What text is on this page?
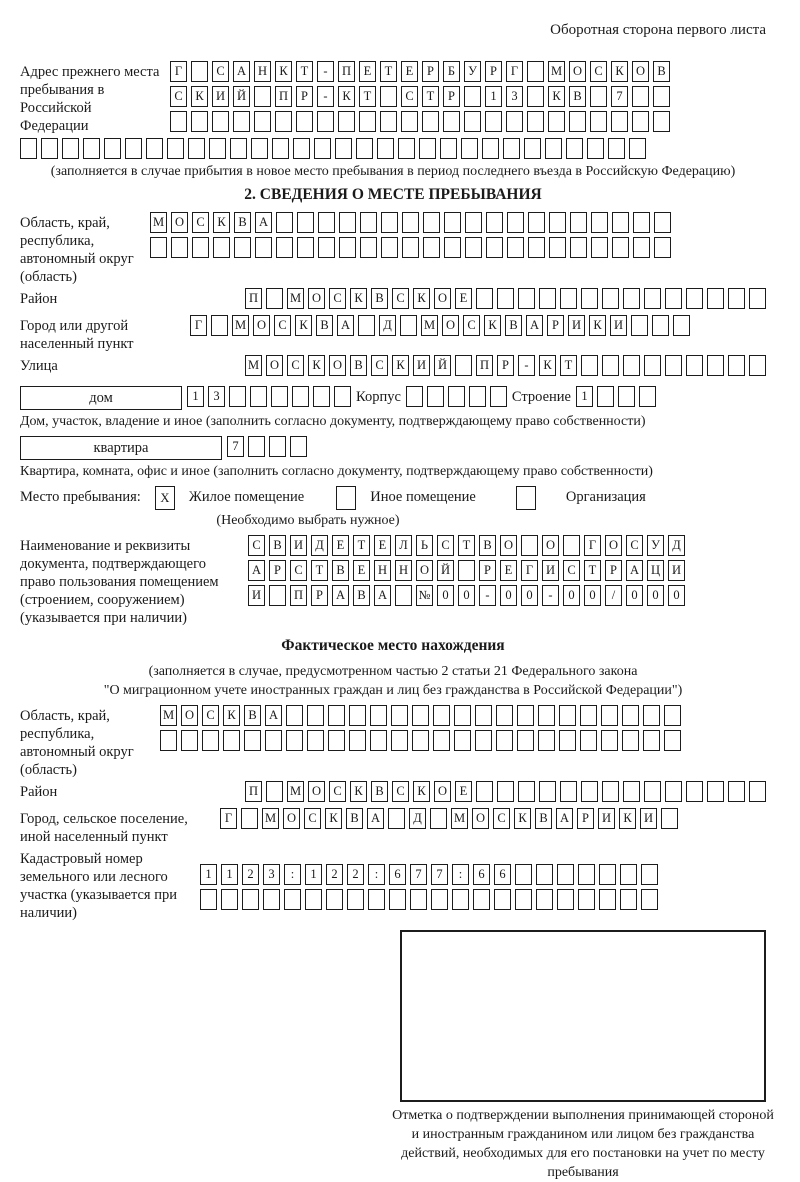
Оборотная сторона первого листа
Адрес прежнего места пребывания в Российской Федерации
Г	С А Н К	Т	-	П	Е	Т	Е	Р	Б	У	Р	Г	М О С	К О В
С	К И Й	П	Р	-	К	Т	С	Т	Р	1	3	К	В	7
(заполняется в случае прибытия в новое место пребывания в период последнего въезда в Российскую Федерацию)
2. СВЕДЕНИЯ О МЕСТЕ ПРЕБЫВАНИЯ
Область, край, республика, автономный округ (область)
М О С	К	В А
Район	П	М О С	К	В	С	К О	Е
Город или другой населенный пункт
Г	М О С	К	В А	Д	М О С	К	В А	Р	И К И
Улица	М О С	К О В	С	К И Й	П	Р	-	К	Т
дом	1	3	Корпус	Строение 1
Дом, участок, владение и иное (заполнить согласно документу, подтверждающему право собственности)
квартира	7
Квартира, комната, офис и иное (заполнить согласно документу, подтверждающему право собственности)
Место пребывания:	X	Жилое помещение	Иное помещение	Организация
(Необходимо выбрать нужное)
Наименование и реквизиты документа, подтверждающего право пользования помещением (строением, сооружением) (указывается при наличии)
С	В И Д	Е	Т	Е	Л	Ь	С	Т	В О	О	Г	О С У Д
А	Р	С	Т	В	Е	Н Н О Й	Р	Е	Г	И С	Т	Р	А Ц И
И	П	Р	А В А	№ 0	0	-	0	0	-	0	0	/	0	0	0
Фактическое место нахождения
(заполняется в случае, предусмотренном частью 2 статьи 21 Федерального закона
"О миграционном учете иностранных граждан и лиц без гражданства в Российской Федерации")
Область, край, республика, автономный округ (область)
М О С	К	В А
Район	П	М О С	К	В	С	К О	Е
Город, сельское поселение, иной населенный пункт
Г	М О С	К	В А	Д	М О С	К	В А	Р	И К И
Кадастровый номер земельного или лесного участка (указывается при наличии)
1	1	2	3	:	1	2	2	:	6	7	7	:	6	6
Отметка о подтверждении выполнения принимающей стороной и иностранным гражданином или лицом без гражданства действий, необходимых для его постановки на учет по месту пребывания
